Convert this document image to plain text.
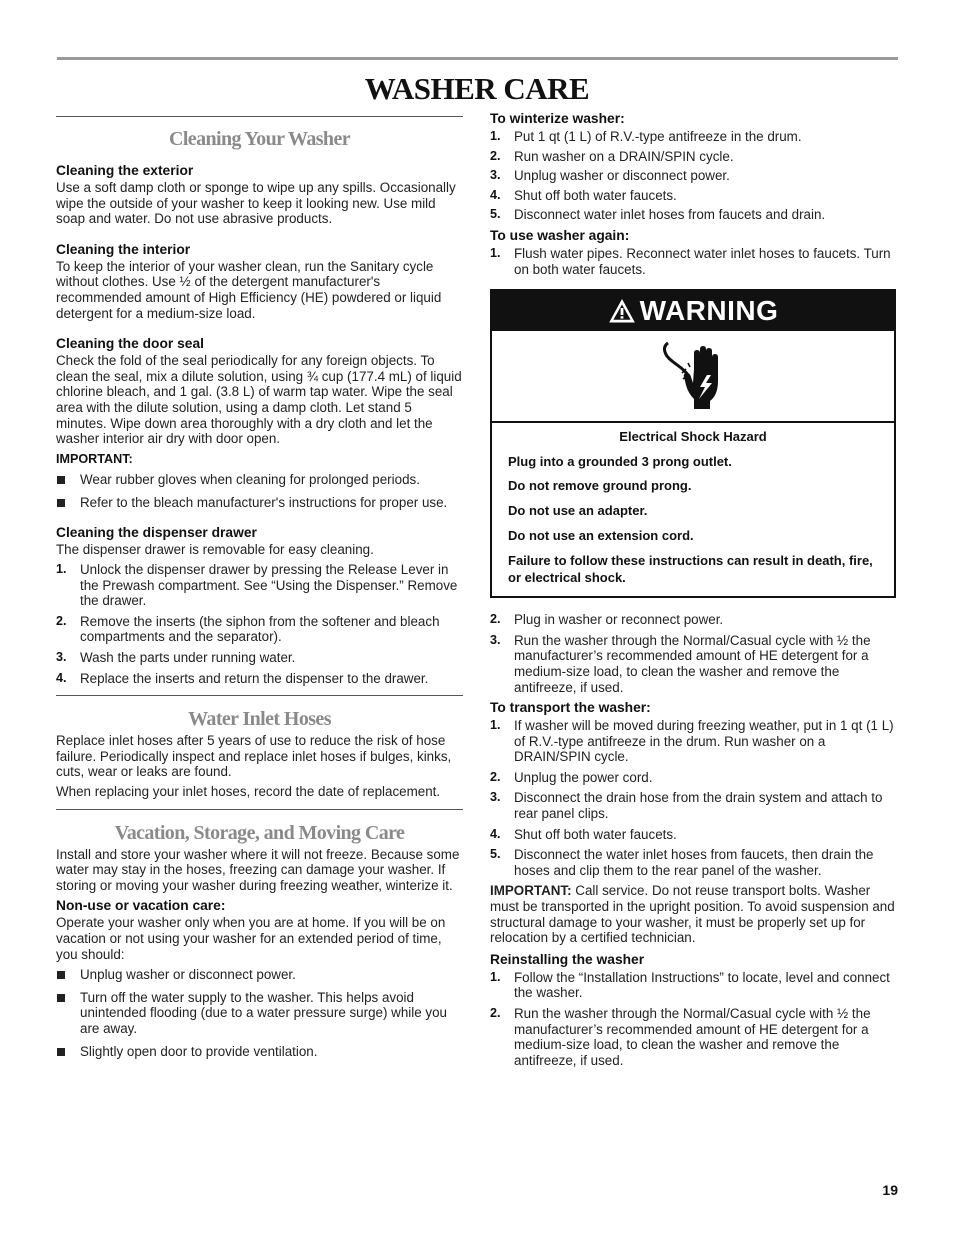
WASHER CARE
Cleaning Your Washer
Cleaning the exterior
Use a soft damp cloth or sponge to wipe up any spills. Occasionally wipe the outside of your washer to keep it looking new. Use mild soap and water. Do not use abrasive products.
Cleaning the interior
To keep the interior of your washer clean, run the Sanitary cycle without clothes. Use ½ of the detergent manufacturer's recommended amount of High Efficiency (HE) powdered or liquid detergent for a medium-size load.
Cleaning the door seal
Check the fold of the seal periodically for any foreign objects. To clean the seal, mix a dilute solution, using ¾ cup (177.4 mL) of liquid chlorine bleach, and 1 gal. (3.8 L) of warm tap water. Wipe the seal area with the dilute solution, using a damp cloth. Let stand 5 minutes. Wipe down area thoroughly with a dry cloth and let the washer interior air dry with door open.
IMPORTANT:
Wear rubber gloves when cleaning for prolonged periods.
Refer to the bleach manufacturer's instructions for proper use.
Cleaning the dispenser drawer
The dispenser drawer is removable for easy cleaning.
1. Unlock the dispenser drawer by pressing the Release Lever in the Prewash compartment. See “Using the Dispenser.” Remove the drawer.
2. Remove the inserts (the siphon from the softener and bleach compartments and the separator).
3. Wash the parts under running water.
4. Replace the inserts and return the dispenser to the drawer.
Water Inlet Hoses
Replace inlet hoses after 5 years of use to reduce the risk of hose failure. Periodically inspect and replace inlet hoses if bulges, kinks, cuts, wear or leaks are found.
When replacing your inlet hoses, record the date of replacement.
Vacation, Storage, and Moving Care
Install and store your washer where it will not freeze. Because some water may stay in the hoses, freezing can damage your washer. If storing or moving your washer during freezing weather, winterize it.
Non-use or vacation care:
Operate your washer only when you are at home. If you will be on vacation or not using your washer for an extended period of time, you should:
Unplug washer or disconnect power.
Turn off the water supply to the washer. This helps avoid unintended flooding (due to a water pressure surge) while you are away.
Slightly open door to provide ventilation.
To winterize washer:
1. Put 1 qt (1 L) of R.V.-type antifreeze in the drum.
2. Run washer on a DRAIN/SPIN cycle.
3. Unplug washer or disconnect power.
4. Shut off both water faucets.
5. Disconnect water inlet hoses from faucets and drain.
To use washer again:
1. Flush water pipes. Reconnect water inlet hoses to faucets. Turn on both water faucets.
WARNING
Electrical Shock Hazard
Plug into a grounded 3 prong outlet.
Do not remove ground prong.
Do not use an adapter.
Do not use an extension cord.
Failure to follow these instructions can result in death, fire, or electrical shock.
2. Plug in washer or reconnect power.
3. Run the washer through the Normal/Casual cycle with ½ the manufacturer’s recommended amount of HE detergent for a medium-size load, to clean the washer and remove the antifreeze, if used.
To transport the washer:
1. If washer will be moved during freezing weather, put in 1 qt (1 L) of R.V.-type antifreeze in the drum. Run washer on a DRAIN/SPIN cycle.
2. Unplug the power cord.
3. Disconnect the drain hose from the drain system and attach to rear panel clips.
4. Shut off both water faucets.
5. Disconnect the water inlet hoses from faucets, then drain the hoses and clip them to the rear panel of the washer.
IMPORTANT: Call service. Do not reuse transport bolts. Washer must be transported in the upright position. To avoid suspension and structural damage to your washer, it must be properly set up for relocation by a certified technician.
Reinstalling the washer
1. Follow the “Installation Instructions” to locate, level and connect the washer.
2. Run the washer through the Normal/Casual cycle with ½ the manufacturer’s recommended amount of HE detergent for a medium-size load, to clean the washer and remove the antifreeze, if used.
19
